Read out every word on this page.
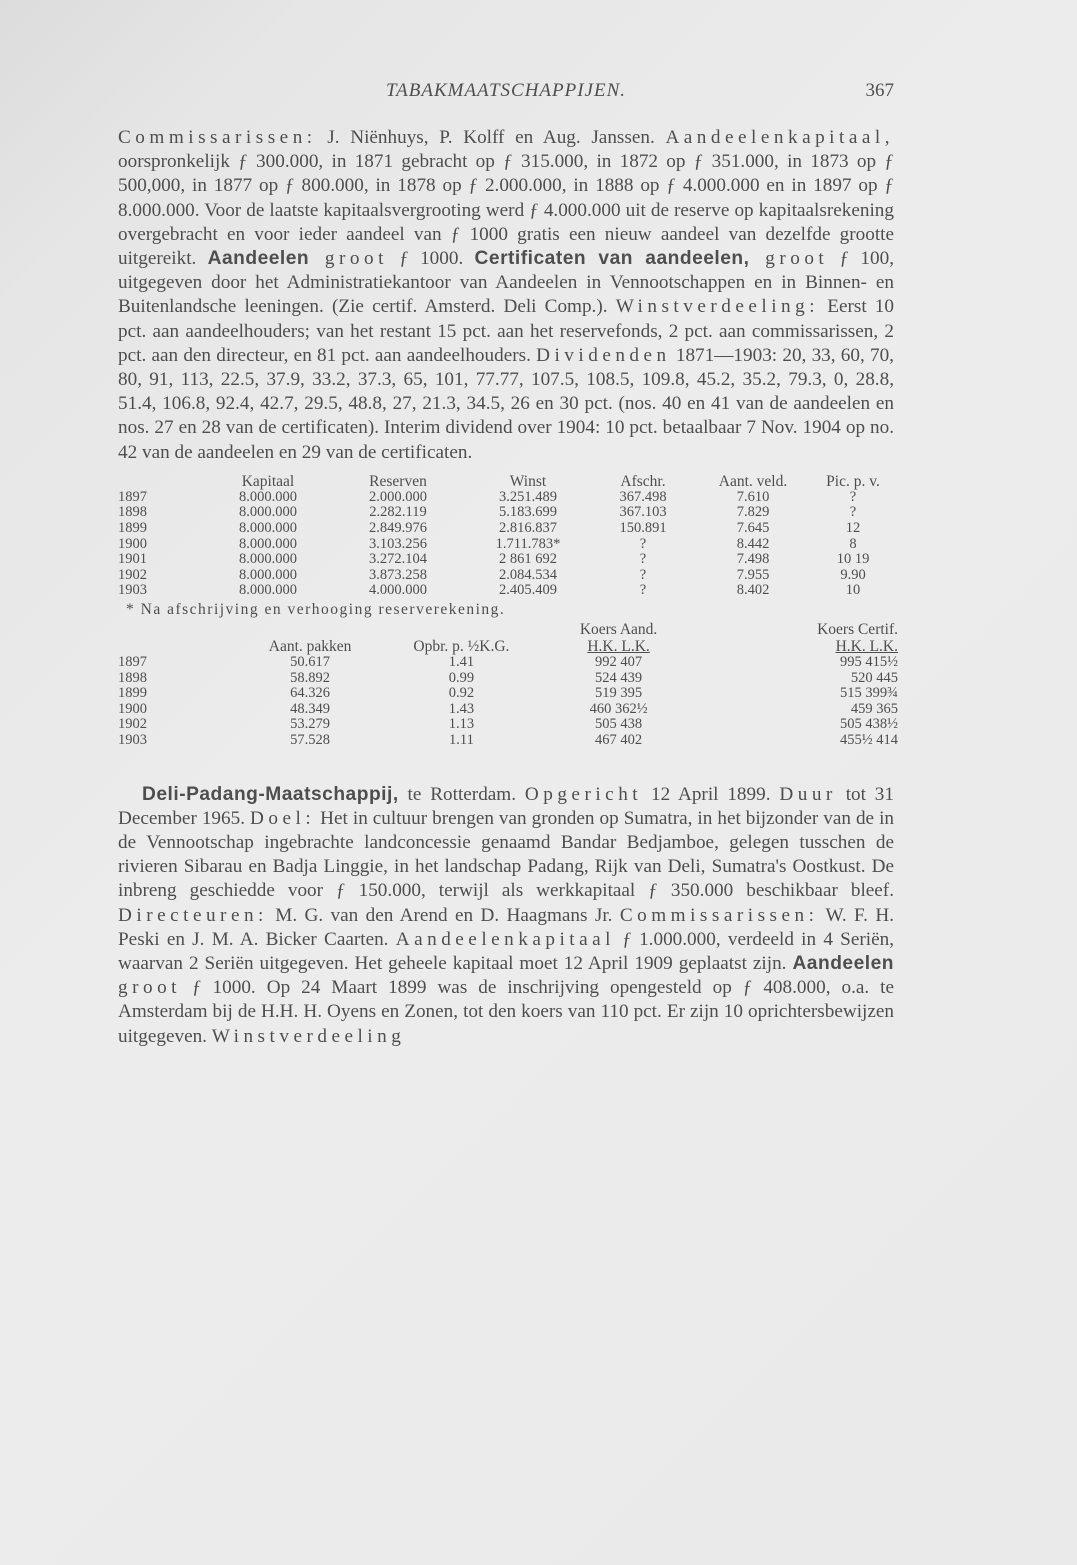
TABAKMAATSCHAPPIJEN.	367

Commissarissen: J. Niënhuys, P. Kolff en Aug. Janssen. Aandeelenkapitaal, oorspronkelijk ƒ 300.000, in 1871 gebracht op ƒ 315.000, in 1872 op ƒ 351.000, in 1873 op ƒ 500,000, in 1877 op ƒ 800.000, in 1878 op ƒ 2.000.000, in 1888 op ƒ 4.000.000 en in 1897 op ƒ 8.000.000. Voor de laatste kapitaalsvergrooting werd ƒ 4.000.000 uit de reserve op kapitaalsrekening overgebracht en voor ieder aandeel van ƒ 1000 gratis een nieuw aandeel van dezelfde grootte uitgereikt. Aandeelen groot ƒ 1000. Certificaten van aandeelen, groot ƒ 100, uitgegeven door het Administratiekantoor van Aandeelen in Vennootschappen en in Binnen- en Buitenlandsche leeningen. (Zie certif. Amsterd. Deli Comp.). Winstverdeeling: Eerst 10 pct. aan aandeelhouders; van het restant 15 pct. aan het reservefonds, 2 pct. aan commissarissen, 2 pct. aan den directeur, en 81 pct. aan aandeelhouders. Dividenden 1871—1903: 20, 33, 60, 70, 80, 91, 113, 22.5, 37.9, 33.2, 37.3, 65, 101, 77.77, 107.5, 108.5, 109.8, 45.2, 35.2, 79.3, 0, 28.8, 51.4, 106.8, 92.4, 42.7, 29.5, 48.8, 27, 21.3, 34.5, 26 en 30 pct. (nos. 40 en 41 van de aandeelen en nos. 27 en 28 van de certificaten). Interim dividend over 1904: 10 pct. betaalbaar 7 Nov. 1904 op no. 42 van de aandeelen en 29 van de certificaten.

	Kapitaal	Reserven	Winst	Afschr.	Aant. veld.	Pic. p. v.
1897	8.000.000	2.000.000	3.251.489	367.498	7.610	?
1898	8.000.000	2.282.119	5.183.699	367.103	7.829	?
1899	8.000.000	2.849.976	2.816.837	150.891	7.645	12
1900	8.000.000	3.103.256	1.711.783*	?	8.442	8
1901	8.000.000	3.272.104	2 861 692	?	7.498	10 19
1902	8.000.000	3.873.258	2.084.534	?	7.955	9.90
1903	8.000.000	4.000.000	2.405.409	?	8.402	10
* Na afschrijving en verhooging reserverekening.
			Koers Aand.	Koers Certif.
	Aant. pakken	Opbr. p. ½K.G.	H.K. L.K.	H.K. L.K.
1897	50.617	1.41	992 407	995 415½
1898	58.892	0.99	524 439	520 445
1899	64.326	0.92	519 395	515 399¾
1900	48.349	1.43	460 362½	459 365
1902	53.279	1.13	505 438	505 438½
1903	57.528	1.11	467 402	455½ 414

Deli-Padang-Maatschappij, te Rotterdam. Opgericht 12 April 1899. Duur tot 31 December 1965. Doel: Het in cultuur brengen van gronden op Sumatra, in het bijzonder van de in de Vennootschap ingebrachte landconcessie genaamd Bandar Bedjamboe, gelegen tusschen de rivieren Sibarau en Badja Linggie, in het landschap Padang, Rijk van Deli, Sumatra's Oostkust. De inbreng geschiedde voor ƒ 150.000, terwijl als werkkapitaal ƒ 350.000 beschikbaar bleef. Directeuren: M. G. van den Arend en D. Haagmans Jr. Commissarissen: W. F. H. Peski en J. M. A. Bicker Caarten. Aandeelenkapitaal ƒ 1.000.000, verdeeld in 4 Seriën, waarvan 2 Seriën uitgegeven. Het geheele kapitaal moet 12 April 1909 geplaatst zijn. Aandeelen groot ƒ 1000. Op 24 Maart 1899 was de inschrijving opengesteld op ƒ 408.000, o.a. te Amsterdam bij de H.H. H. Oyens en Zonen, tot den koers van 110 pct. Er zijn 10 oprichtersbewijzen uitgegeven. Winstverdeeling
